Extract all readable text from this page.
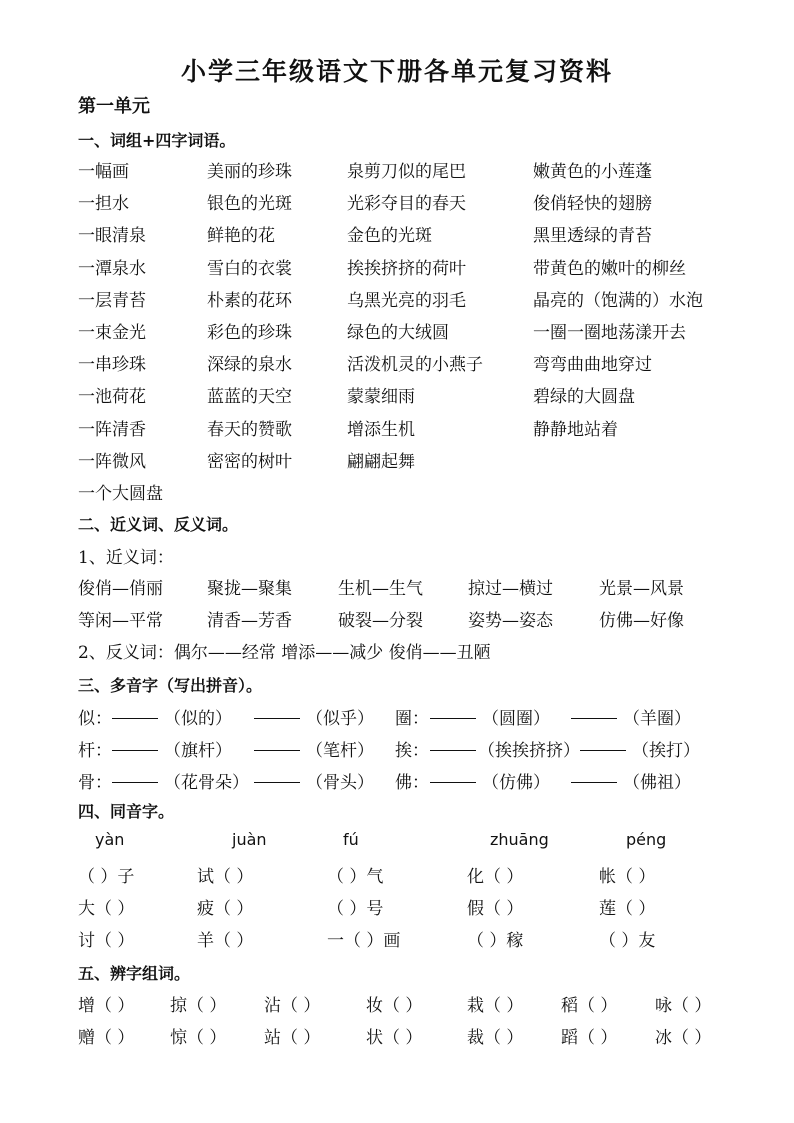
小学三年级语文下册各单元复习资料
第一单元
一、词组+四字词语。
一幅画	美丽的珍珠	泉剪刀似的尾巴	嫩黄色的小莲蓬
一担水	银色的光斑	光彩夺目的春天	俊俏轻快的翅膀
一眼清泉	鲜艳的花	金色的光斑	黑里透绿的青苔
一潭泉水	雪白的衣裳	挨挨挤挤的荷叶	带黄色的嫩叶的柳丝
一层青苔	朴素的花环	乌黑光亮的羽毛	晶亮的（饱满的）水泡
一束金光	彩色的珍珠	绿色的大绒圆	一圈一圈地荡漾开去
一串珍珠	深绿的泉水	活泼机灵的小燕子	弯弯曲曲地穿过
一池荷花	蓝蓝的天空	蒙蒙细雨	碧绿的大圆盘
一阵清香	春天的赞歌	增添生机	静静地站着
一阵微风	密密的树叶	翩翩起舞
一个大圆盘
二、近义词、反义词。
1、近义词：
俊俏—俏丽	聚拢—聚集	生机—生气	掠过—横过	光景—风景
等闲—平常	清香—芳香	破裂—分裂	姿势—姿态	仿佛—好像
2、反义词：偶尔——经常 增添——减少 俊俏——丑陋
三、多音字（写出拼音）。
似：	（似的）	（似乎） 圈：	（圆圈）	（羊圈）
杆：	（旗杆）	（笔杆） 挨：	（挨挨挤挤）	（挨打）
骨：	（花骨朵）	（骨头） 佛：	（仿佛）	（佛祖）
四、同音字。
yàn	juàn	fú	zhuāng	péng
（ ）子	试（ ）	（ ）气	化（ ）	帐（ ）
大（ ）	疲（ ）	（ ）号	假（ ）	莲（ ）
讨（ ）	羊（ ）	一（ ）画	（ ）稼	（ ）友
五、辨字组词。
增（ ） 掠（ ） 沾（ ）	妆（ ）	栽（ ） 稻（ ） 咏（ ）
赠（ ） 惊（ ） 站（ ）	状（ ）	裁（ ） 蹈（ ） 冰（ ）
